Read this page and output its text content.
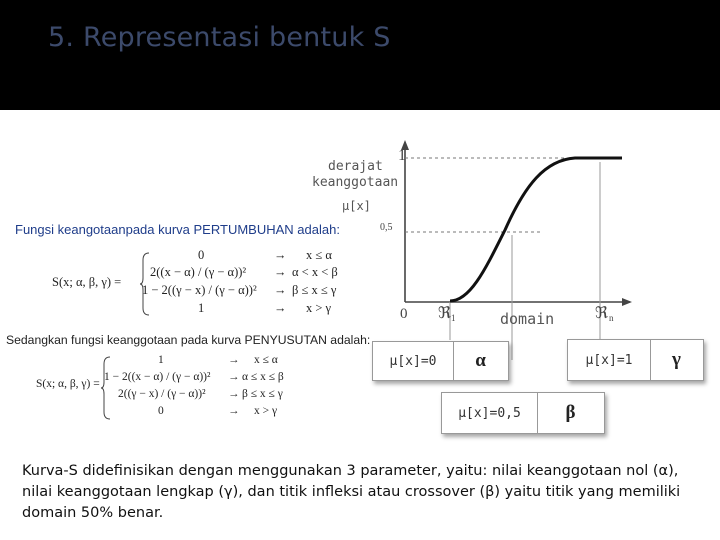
5. Representasi bentuk S
derajat
keanggotaan
μ[x]
1
0,5
0 ℜ 1	domain	ℜ n
Fungsi keangotaanpada kurva PERTUMBUHAN adalah:
S(x; α, β, γ) =
0	→ x ≤ α
2((x − α) / (γ − α))² → α < x < β
1 − 2((γ − x) / (γ − α))² → β ≤ x ≤ γ
1	→ x > γ
Sedangkan fungsi keanggotaan pada kurva PENYUSUTAN adalah:
S(x; α, β, γ) =
1	→ x ≤ α
1 − 2((x − α) / (γ − α))² → α ≤ x ≤ β
2((γ − x) / (γ − α))² → β ≤ x ≤ γ
0	→ x > γ
μ[x]=0	α	μ[x]=1	γ
μ[x]=0,5	β
Kurva-S didefinisikan dengan menggunakan 3 parameter, yaitu: nilai keanggotaan nol (α), nilai keanggotaan lengkap (γ), dan titik infleksi atau crossover (β) yaitu titik yang memiliki domain 50% benar.
